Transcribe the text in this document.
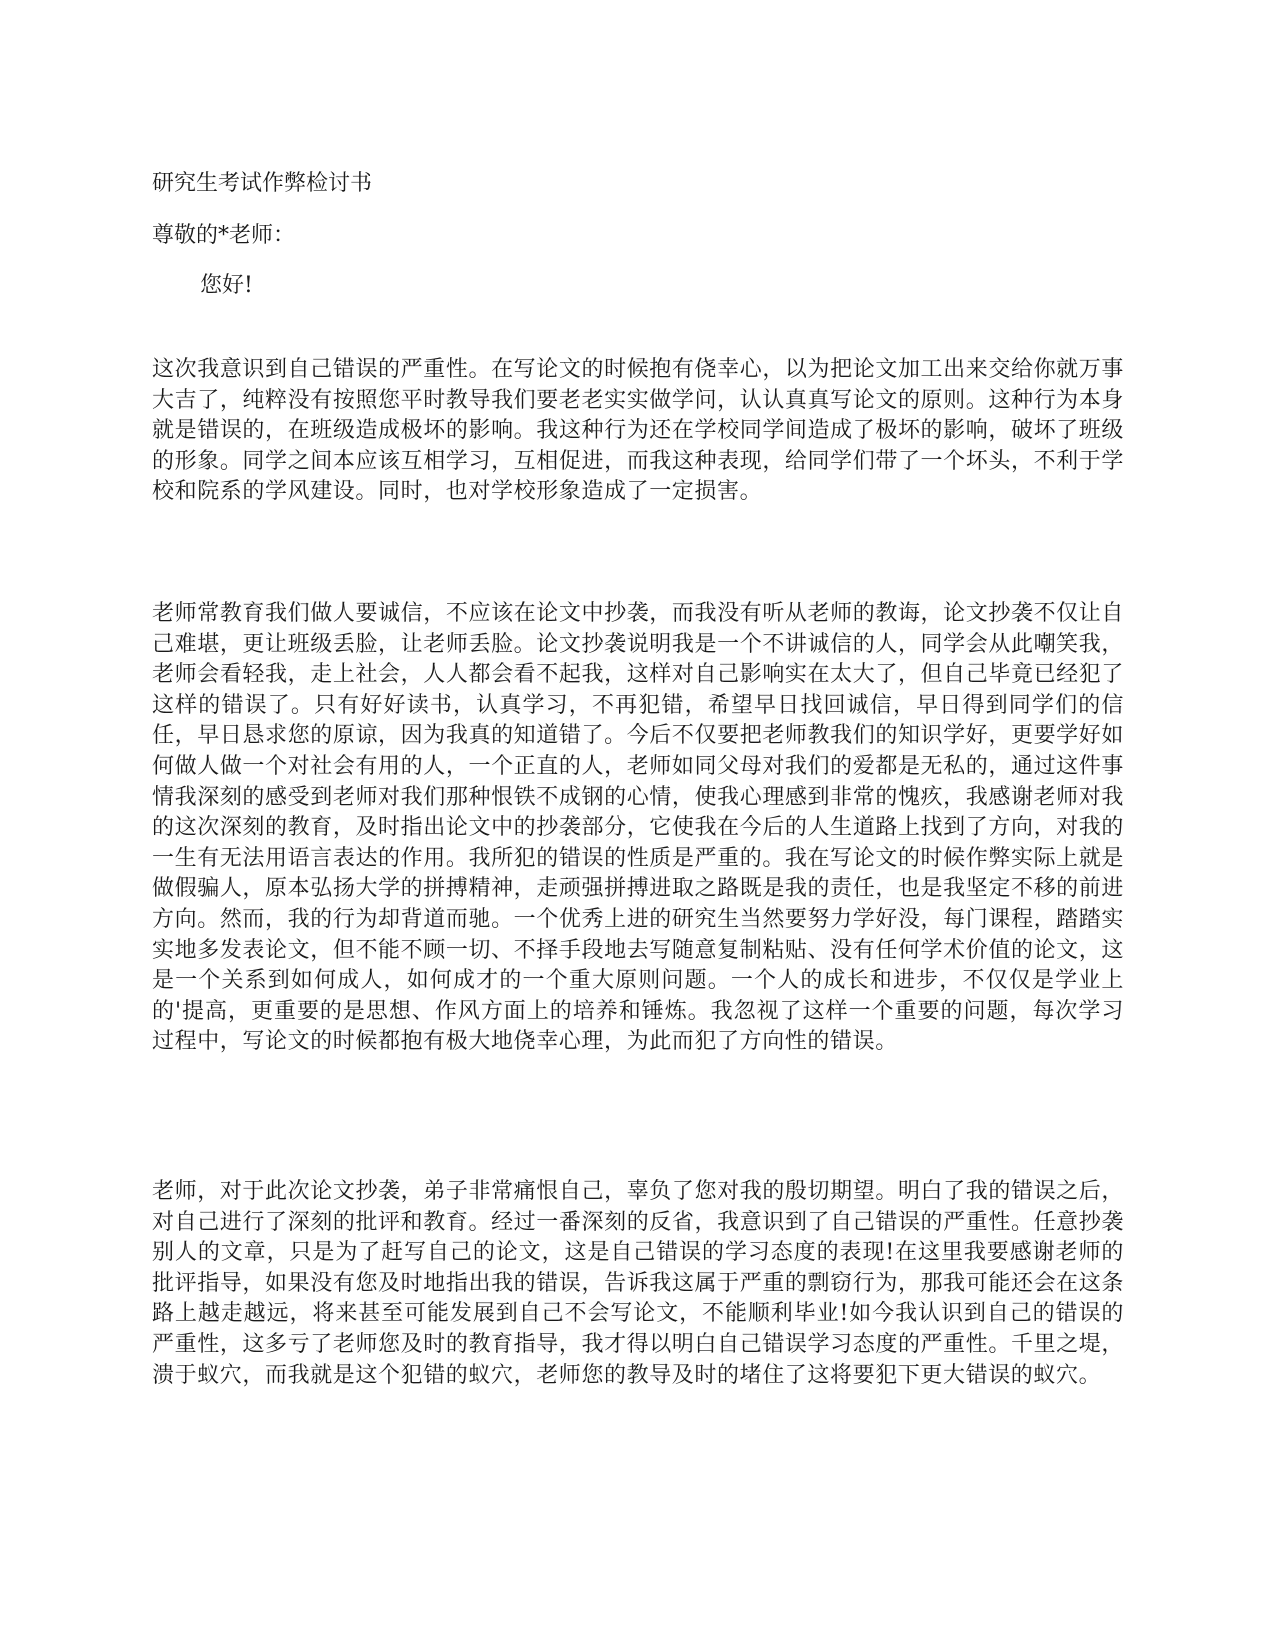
研究生考试作弊检讨书

尊敬的*老师：

您好!

这次我意识到自己错误的严重性。在写论文的时候抱有侥幸心，以为把论文加工出来交给你就万事大吉了，纯粹没有按照您平时教导我们要老老实实做学问，认认真真写论文的原则。这种行为本身就是错误的，在班级造成极坏的影响。我这种行为还在学校同学间造成了极坏的影响，破坏了班级的形象。同学之间本应该互相学习，互相促进，而我这种表现，给同学们带了一个坏头，不利于学校和院系的学风建设。同时，也对学校形象造成了一定损害。

老师常教育我们做人要诚信，不应该在论文中抄袭，而我没有听从老师的教诲，论文抄袭不仅让自己难堪，更让班级丢脸，让老师丢脸。论文抄袭说明我是一个不讲诚信的人，同学会从此嘲笑我，老师会看轻我，走上社会，人人都会看不起我，这样对自己影响实在太大了，但自己毕竟已经犯了这样的错误了。只有好好读书，认真学习，不再犯错，希望早日找回诚信，早日得到同学们的信任，早日恳求您的原谅，因为我真的知道错了。今后不仅要把老师教我们的知识学好，更要学好如何做人做一个对社会有用的人，一个正直的人，老师如同父母对我们的爱都是无私的，通过这件事情我深刻的感受到老师对我们那种恨铁不成钢的心情，使我心理感到非常的愧疚，我感谢老师对我的这次深刻的教育，及时指出论文中的抄袭部分，它使我在今后的人生道路上找到了方向，对我的一生有无法用语言表达的作用。我所犯的错误的性质是严重的。我在写论文的时候作弊实际上就是做假骗人，原本弘扬大学的拼搏精神，走顽强拼搏进取之路既是我的责任，也是我坚定不移的前进方向。然而，我的行为却背道而驰。一个优秀上进的研究生当然要努力学好没，每门课程，踏踏实实地多发表论文，但不能不顾一切、不择手段地去写随意复制粘贴、没有任何学术价值的论文，这是一个关系到如何成人，如何成才的一个重大原则问题。一个人的成长和进步，不仅仅是学业上的'提高，更重要的是思想、作风方面上的培养和锤炼。我忽视了这样一个重要的问题，每次学习过程中，写论文的时候都抱有极大地侥幸心理，为此而犯了方向性的错误。

老师，对于此次论文抄袭，弟子非常痛恨自己，辜负了您对我的殷切期望。明白了我的错误之后，对自己进行了深刻的批评和教育。经过一番深刻的反省，我意识到了自己错误的严重性。任意抄袭别人的文章，只是为了赶写自己的论文，这是自己错误的学习态度的表现!在这里我要感谢老师的批评指导，如果没有您及时地指出我的错误，告诉我这属于严重的剽窃行为，那我可能还会在这条路上越走越远，将来甚至可能发展到自己不会写论文，不能顺利毕业!如今我认识到自己的错误的严重性，这多亏了老师您及时的教育指导，我才得以明白自己错误学习态度的严重性。千里之堤，溃于蚁穴，而我就是这个犯错的蚁穴，老师您的教导及时的堵住了这将要犯下更大错误的蚁穴。
